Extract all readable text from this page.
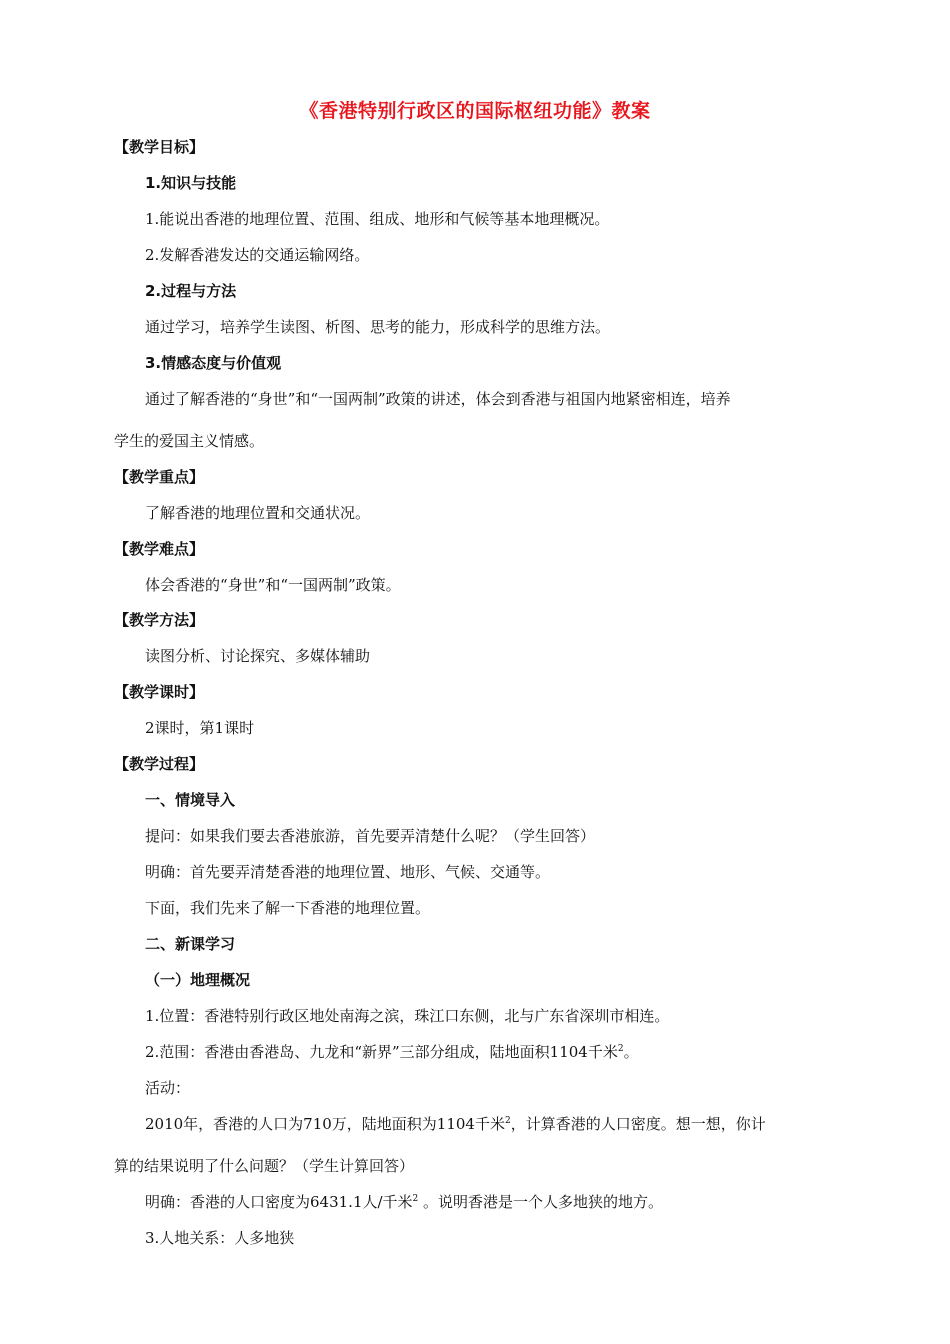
《香港特别行政区的国际枢纽功能》教案
【教学目标】
1.知识与技能
1.能说出香港的地理位置、范围、组成、地形和气候等基本地理概况。
2.发解香港发达的交通运输网络。
2.过程与方法
通过学习，培养学生读图、析图、思考的能力，形成科学的思维方法。
3.情感态度与价值观
通过了解香港的“身世”和“一国两制”政策的讲述，体会到香港与祖国内地紧密相连，培养
学生的爱国主义情感。
【教学重点】
了解香港的地理位置和交通状况。
【教学难点】
体会香港的“身世”和“一国两制”政策。
【教学方法】
读图分析、讨论探究、多媒体辅助
【教学课时】
2课时，第1课时
【教学过程】
一、情境导入
提问：如果我们要去香港旅游，首先要弄清楚什么呢？（学生回答）
明确：首先要弄清楚香港的地理位置、地形、气候、交通等。
下面，我们先来了解一下香港的地理位置。
二、新课学习
（一）地理概况
1.位置：香港特别行政区地处南海之滨，珠江口东侧，北与广东省深圳市相连。
2.范围：香港由香港岛、九龙和“新界”三部分组成，陆地面积1104千米$^2$。
活动：
2010年，香港的人口为710万，陆地面积为1104千米$^2$，计算香港的人口密度。想一想，你计
算的结果说明了什么问题？（学生计算回答）
明确：香港的人口密度为6431.1人/千米$^2$ 。说明香港是一个人多地狭的地方。
3.人地关系：人多地狭
